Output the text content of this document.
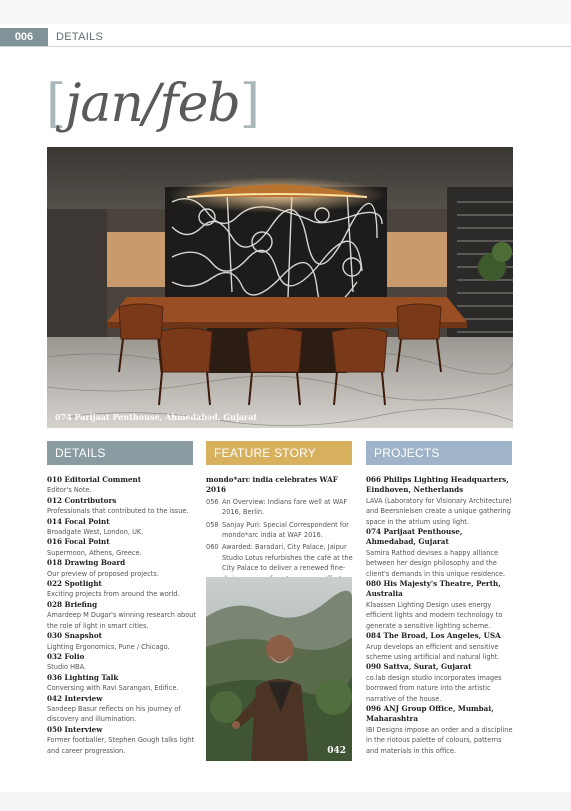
006	DETAILS
[jan/feb]
074 Parijaat Penthouse, Ahmedabad, Gujarat
DETAILS	FEATURE STORY	PROJECTS
010 Editorial Comment
Editor's Note.
012 Contributors
Professionals that contributed to the issue.
014 Focal Point
Broadgate West, London, UK.
016 Focal Point
Supermoon, Athens, Greece.
018 Drawing Board
Our preview of proposed projects.
022 Spotlight
Exciting projects from around the world.
028 Briefing
Amardeep M Dugar's winning research about the role of light in smart cities.
030 Snapshot
Lighting Ergonomics, Pune / Chicago.
032 Folio
Studio HBA.
036 Lighting Talk
Conversing with Ravi Sarangan, Edifice.
042 Interview
Sandeep Basur reflects on his journey of discovery and illumination.
050 Interview
Former footballer, Stephen Gough talks light and career progression.
mondo*arc india celebrates WAF 2016
056 An Overview: Indians fare well at WAF 2016, Berlin.
058 Sanjay Puri: Special Correspondent for mondo*arc india at WAF 2016.
060 Awarded: Baradari, City Palace, Jaipur Studio Lotus refurbishes the café at the City Palace to deliver a renewed fine-
042
066 Philips Lighting Headquarters, Eindhoven, Netherlands
LAVA (Laboratory for Visionary Architecture) and Beersnielsen create a unique gathering space in the atrium using light.
074 Parijaat Penthouse, Ahmedabad, Gujarat
Samira Rathod devises a happy alliance between her design philosophy and the client's demands in this unique residence.
080 His Majesty's Theatre, Perth, Australia
Klaassen Lighting Design uses energy efficient lights and modern technology to generate a sensitive lighting scheme.
084 The Broad, Los Angeles, USA
Arup develops an efficient and sensitive scheme using artificial and natural light.
090 Sattva, Surat, Gujarat
co.lab design studio incorporates images borrowed from nature into the artistic narrative of the house.
096 ANJ Group Office, Mumbai, Maharashtra
IBI Designs impose an order and a discipline in the riotous palette of colours, patterns and materials in this office.
